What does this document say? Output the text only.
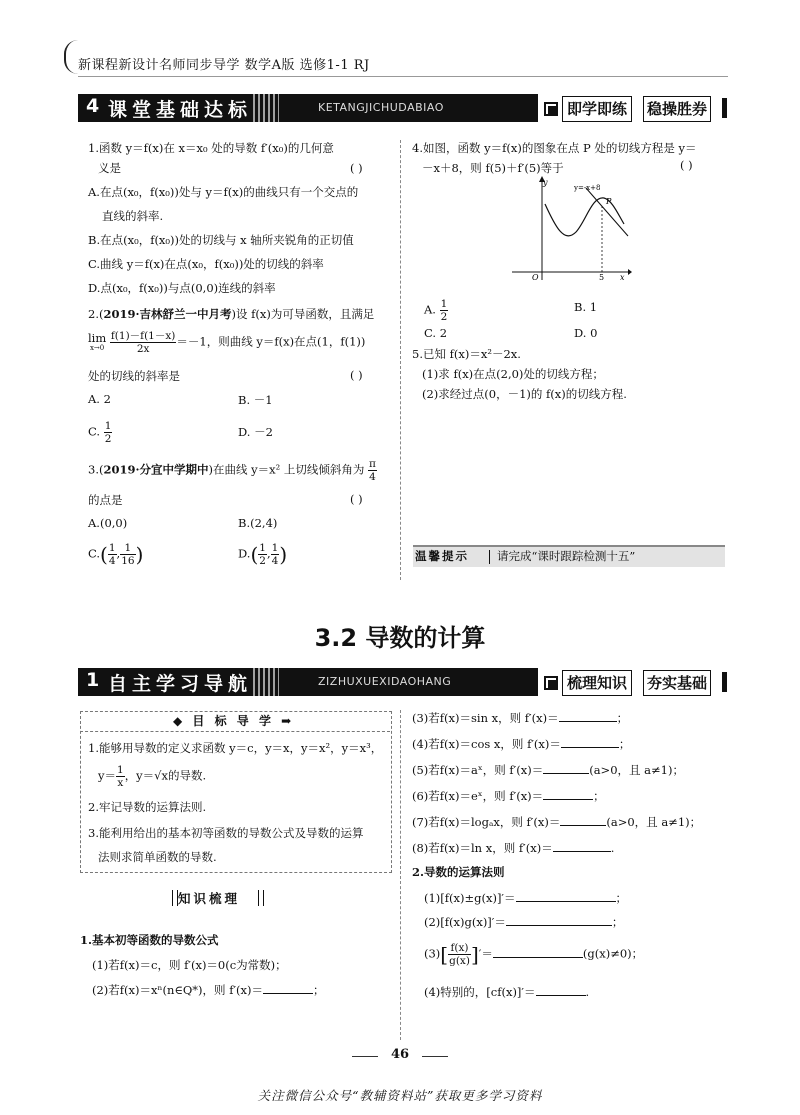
新课程新设计名师同步导学 数学A版 选修1-1 RJ
4 课堂基础达标	KETANGJICHUDABIAO	即学即练	稳操胜券
1.函数 y＝f(x)在 x＝x₀ 处的导数 f′(x₀)的几何意
义是
A.在点(x₀，f(x₀))处与 y＝f(x)的曲线只有一个交点的
直线的斜率.
B.在点(x₀，f(x₀))处的切线与 x 轴所夹锐角的正切值
C.曲线 y＝f(x)在点(x₀，f(x₀))处的切线的斜率
D.点(x₀，f(x₀))与点(0,0)连线的斜率
( )
2.(2019·吉林舒兰一中月考)设 f(x)为可导函数，且满足
lim
x→0
$\frac{f(1)-f(1-x)}{2x} =-1$，则曲线 y＝f(x)在点(1，f(1))
处的切线的斜率是	( )
A. 2	B. －1
C. $\frac{1}{2}$	D. －2
3.(2019·分宜中学期中)在曲线 y＝x² 上切线倾斜角为 $\frac{\pi}{4}$
的点是	( )
A.(0,0)	B.(2,4)
$C.( \frac{1}{4}$ , $\frac{1}{16}$ )	$D.( \frac{1}{2}$ , $\frac{1}{4}$ )
4.如图，函数 y＝f(x)的图象在点 P 处的切线方程是 y＝
－x＋8，则 f(5)＋f′(5)等于	( )
y
x
O	5
P
y=-x+8
A. $\frac{1}{2}$	B. 1
C. 2	D. 0
5.已知 f(x)＝x²－2x.
(1)求 f(x)在点(2,0)处的切线方程；
(2)求经过点(0，－1)的 f(x)的切线方程.
温馨提示 请完成“课时跟踪检测十五”
3.2 导数的计算
1 自主学习导航	ZIZHUXUEXIDAOHANG	梳理知识	夯实基础
◆ 目 标 导 学 ➡
1.能够用导数的定义求函数 y＝c，y＝x，y＝x²，y＝x³，
$y= \frac{1}{x}$ ，y＝√x的导数.
2.牢记导数的运算法则.
3.能利用给出的基本初等函数的导数公式及导数的运算
法则求简单函数的导数.
知识梳理
1.基本初等函数的导数公式
(1)若f(x)＝c，则 f′(x)＝0(c为常数)；
(2)若f(x)＝xⁿ(n∈Q*)，则 f′(x)＝	；
(3)若f(x)＝sin x，则 f′(x)＝	；
(4)若f(x)＝cos x，则 f′(x)＝	；
(5)若f(x)＝aˣ，则 f′(x)＝	(a>0，且 a≠1)；
(6)若f(x)＝eˣ，则 f′(x)＝	；
(7)若f(x)＝logₐx，则 f′(x)＝	(a>0，且 a≠1)；
(8)若f(x)＝ln x，则 f′(x)＝	.
2.导数的运算法则
(1)[f(x)±g(x)]′＝	；
(2)[f(x)g(x)]′＝	；
$(3)[ \frac{f(x)}{g(x)}$ ]′＝	(g(x)≠0)；
(4)特别的，[cf(x)]′＝	.
46
关注微信公众号“教辅资料站”获取更多学习资料
